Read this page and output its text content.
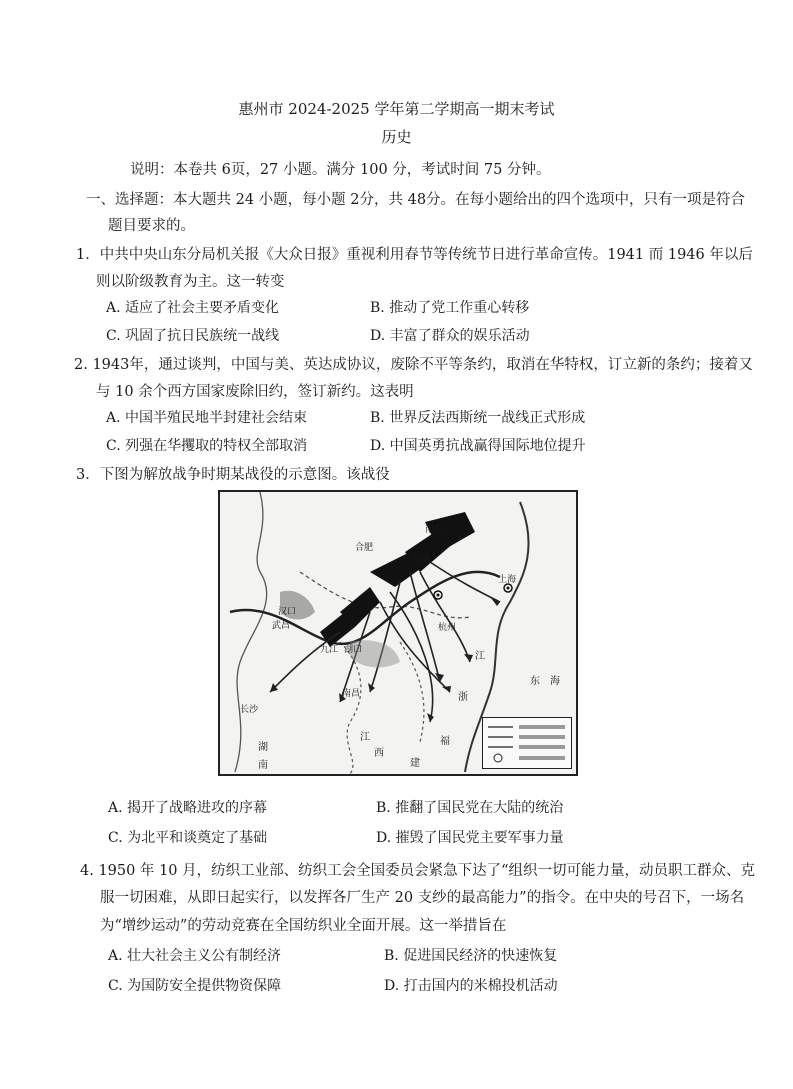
惠州市 2024-2025 学年第二学期高一期末考试
历史
说明：本卷共 6页，27 小题。满分 100 分，考试时间 75 分钟。
一、选择题：本大题共 24 小题，每小题 2分，共 48分。在每小题给出的四个选项中，只有一项是符合
题目要求的。
1．中共中央山东分局机关报《大众日报》重视利用春节等传统节日进行革命宣传。1941 而 1946 年以后
则以阶级教育为主。这一转变
A. 适应了社会主要矛盾变化	B. 推动了党工作重心转移
C. 巩固了抗日民族统一战线	D. 丰富了群众的娱乐活动
2. 1943年，通过谈判，中国与美、英达成协议，废除不平等条约，取消在华特权，订立新的条约；接着又
与 10 余个西方国家废除旧约，签订新约。这表明
A. 中国半殖民地半封建社会结束	B. 世界反法西斯统一战线正式形成
C. 列强在华攫取的特权全部取消	D. 中国英勇抗战赢得国际地位提升
3．下图为解放战争时期某战役的示意图。该战役
南京
合肥
芜湖
上海
杭州
汉口
武昌
九江 湖口
南昌
长沙
东 海
江
浙
福
建
湖
南
江
西
A. 揭开了战略进攻的序幕	B. 推翻了国民党在大陆的统治
C. 为北平和谈奠定了基础	D. 摧毁了国民党主要军事力量
4. 1950 年 10 月，纺织工业部、纺织工会全国委员会紧急下达了“组织一切可能力量，动员职工群众、克
服一切困难，从即日起实行，以发挥各厂生产 20 支纱的最高能力”的指令。在中央的号召下，一场名
为“增纱运动”的劳动竞赛在全国纺织业全面开展。这一举措旨在
A. 壮大社会主义公有制经济	B. 促进国民经济的快速恢复
C. 为国防安全提供物资保障	D. 打击国内的米棉投机活动
